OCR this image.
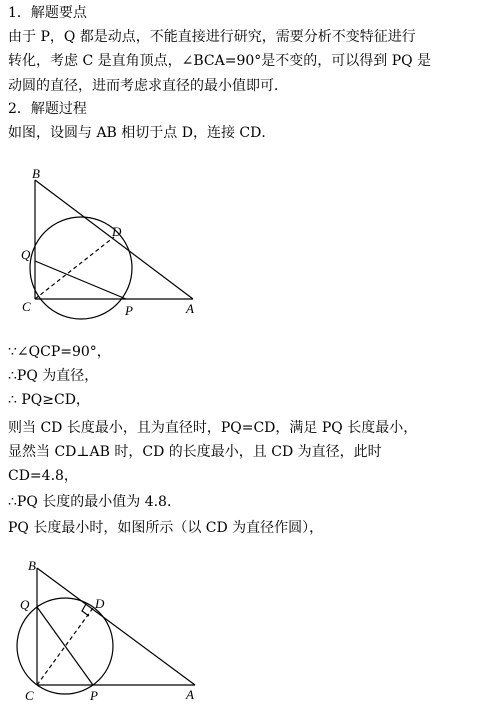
1．解题要点
由于 P，Q 都是动点，不能直接进行研究，需要分析不变特征进行
转化，考虑 C 是直角顶点，∠BCA=90°是不变的，可以得到 PQ 是
动圆的直径，进而考虑求直径的最小值即可．
2．解题过程
如图，设圆与 AB 相切于点 D，连接 CD．
B
D
Q
C	P	A
∵∠QCP=90°，
∴PQ 为直径，
∴ PQ≥CD，
则当 CD 长度最小，且为直径时，PQ=CD，满足 PQ 长度最小，
显然当 CD⊥AB 时，CD 的长度最小，且 CD 为直径，此时
CD=4.8，
∴PQ 长度的最小值为 4.8．
PQ 长度最小时，如图所示（以 CD 为直径作圆），
B
Q	D
C	P	A
